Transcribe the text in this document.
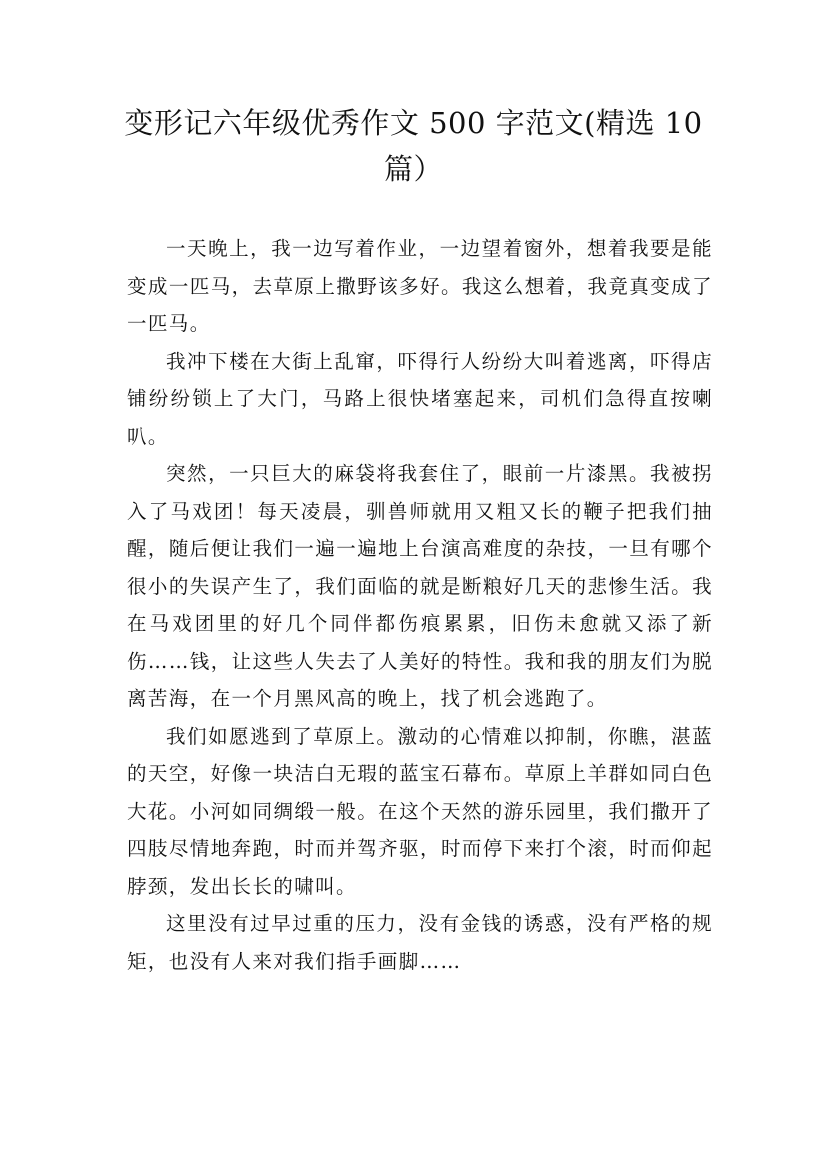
变形记六年级优秀作文 500 字范文(精选 10 篇）

一天晚上，我一边写着作业，一边望着窗外，想着我要是能变成一匹马，去草原上撒野该多好。我这么想着，我竟真变成了一匹马。

我冲下楼在大街上乱窜，吓得行人纷纷大叫着逃离，吓得店铺纷纷锁上了大门，马路上很快堵塞起来，司机们急得直按喇叭。

突然，一只巨大的麻袋将我套住了，眼前一片漆黑。我被拐入了马戏团！每天凌晨，驯兽师就用又粗又长的鞭子把我们抽醒，随后便让我们一遍一遍地上台演高难度的杂技，一旦有哪个很小的失误产生了，我们面临的就是断粮好几天的悲惨生活。我在马戏团里的好几个同伴都伤痕累累，旧伤未愈就又添了新伤……钱，让这些人失去了人美好的特性。我和我的朋友们为脱离苦海，在一个月黑风高的晚上，找了机会逃跑了。

我们如愿逃到了草原上。激动的心情难以抑制，你瞧，湛蓝的天空，好像一块洁白无瑕的蓝宝石幕布。草原上羊群如同白色大花。小河如同绸缎一般。在这个天然的游乐园里，我们撒开了四肢尽情地奔跑，时而并驾齐驱，时而停下来打个滚，时而仰起脖颈，发出长长的啸叫。

这里没有过早过重的压力，没有金钱的诱惑，没有严格的规矩，也没有人来对我们指手画脚……
